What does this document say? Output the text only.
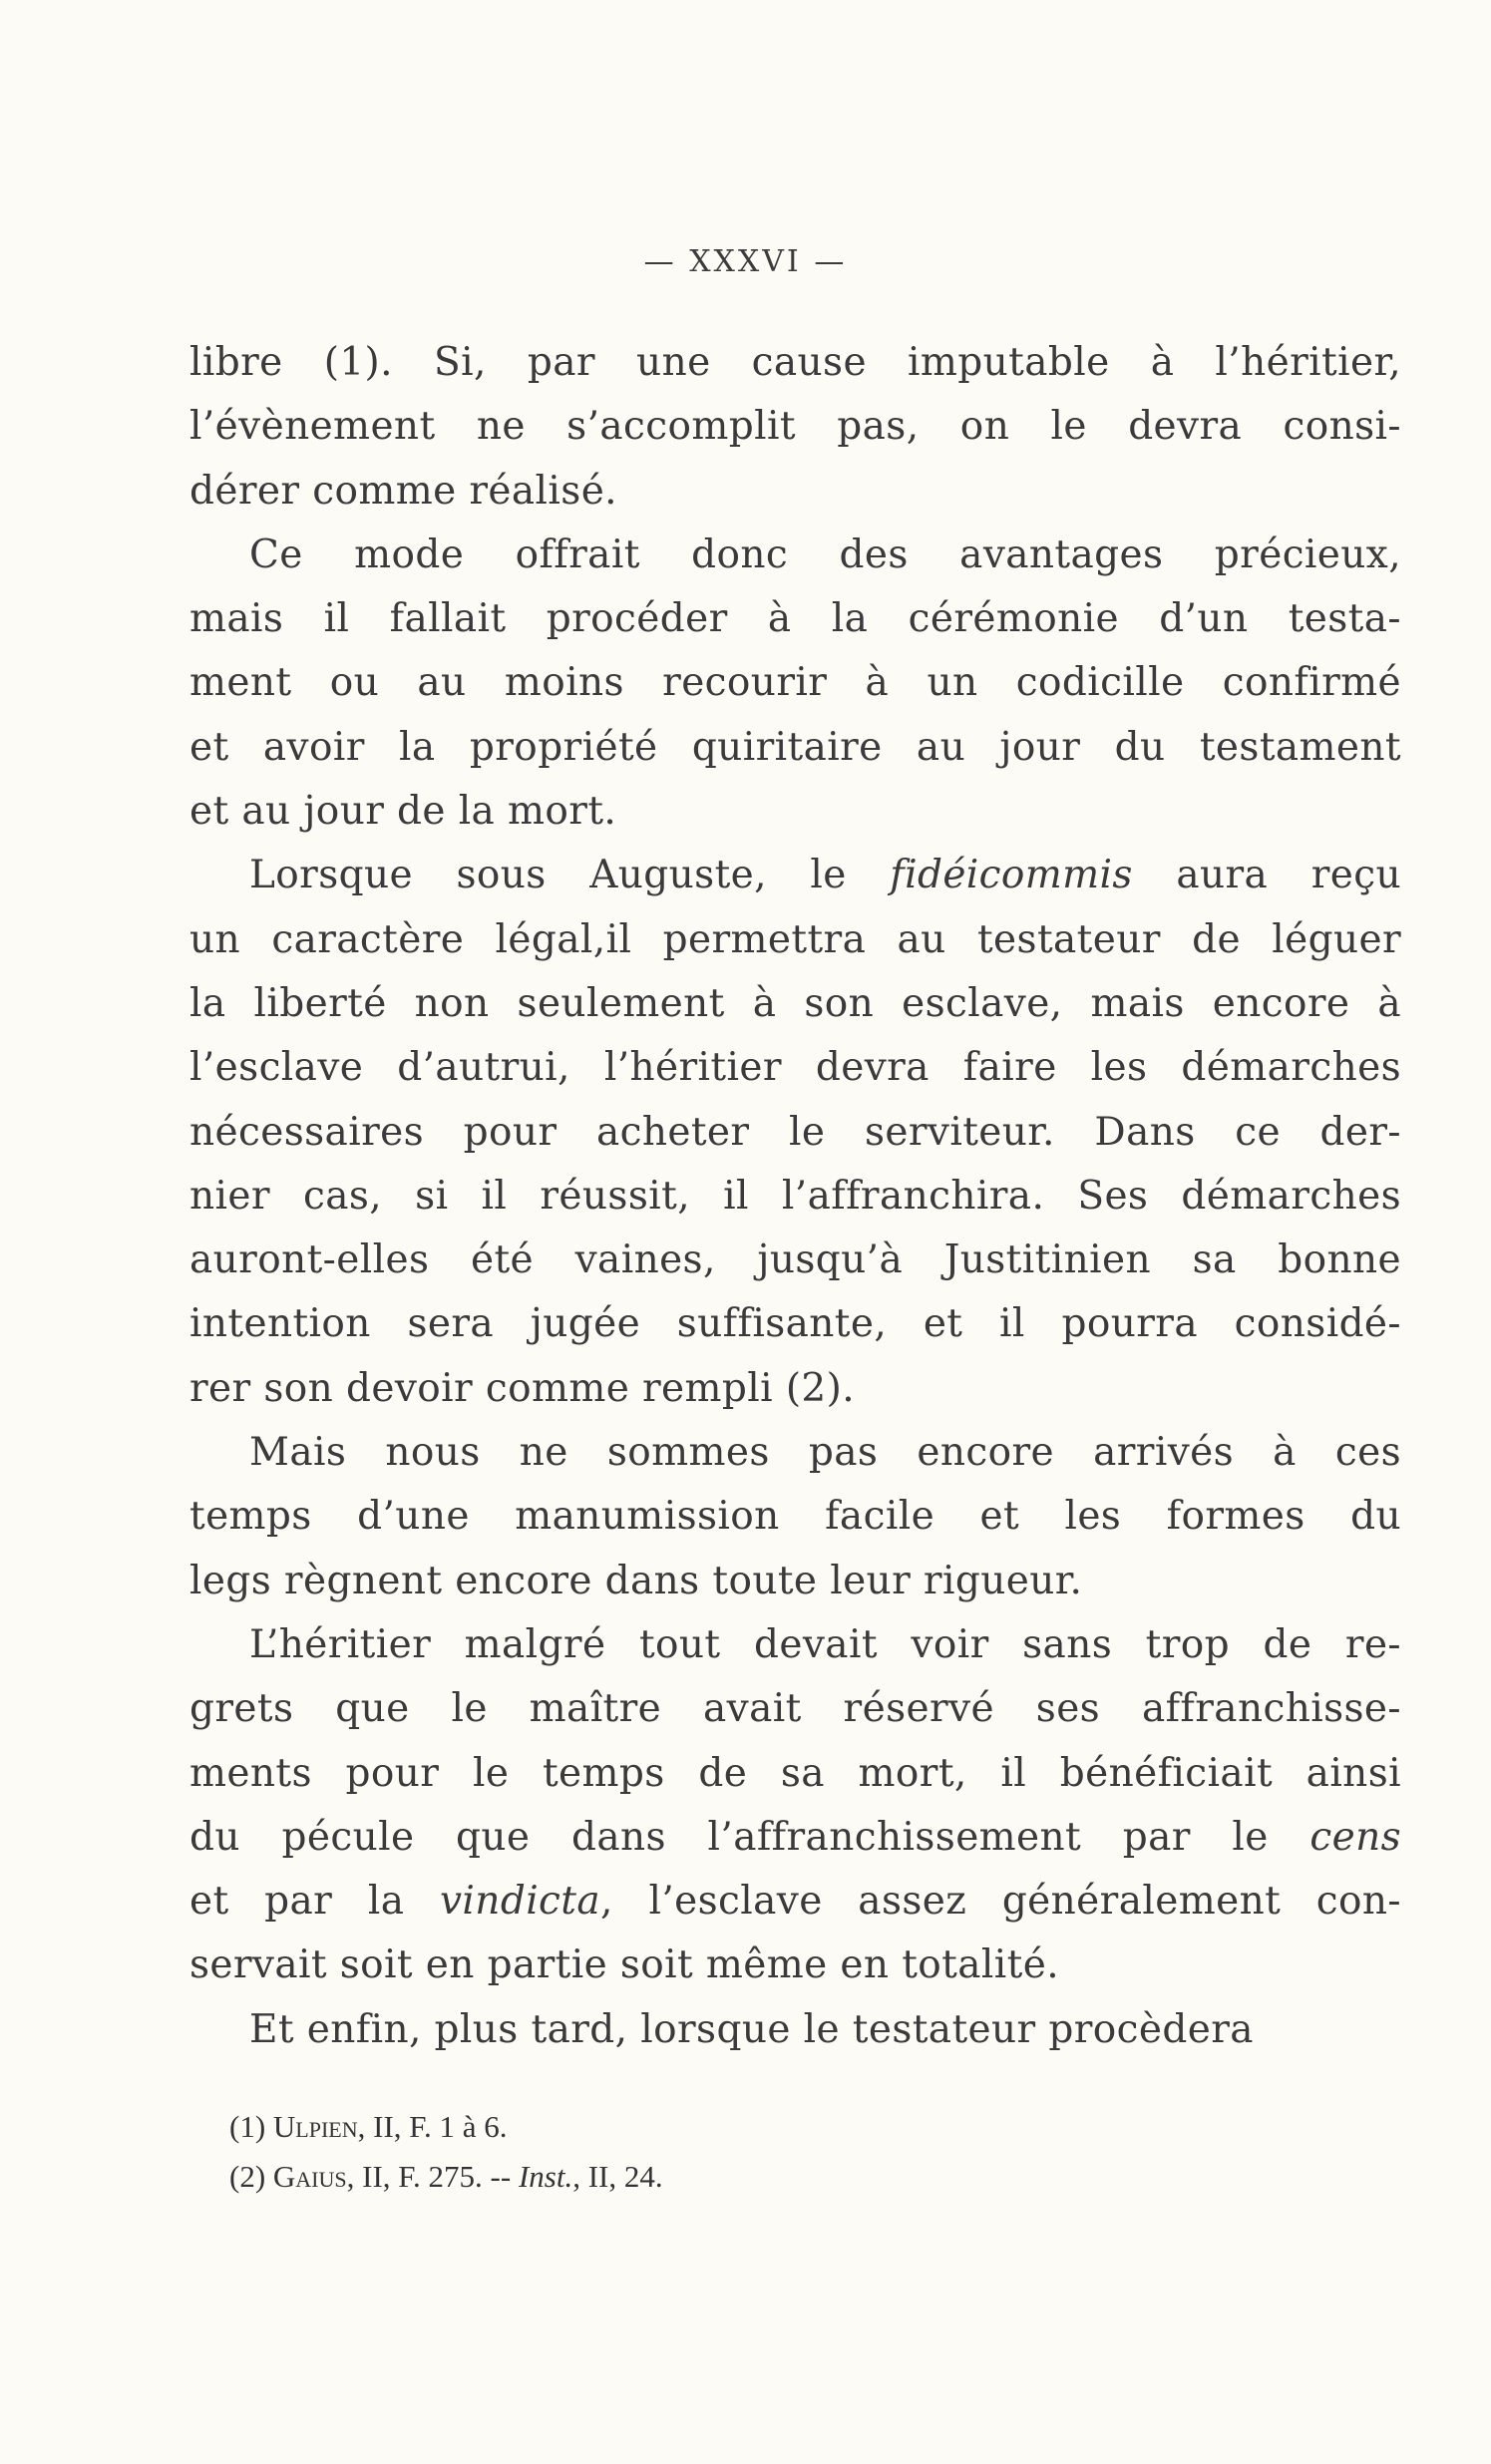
— XXXVI —
libre (1). Si, par une cause imputable à l’héritier,
l’évènement ne s’accomplit pas, on le devra consi-
dérer comme réalisé.
Ce mode offrait donc des avantages précieux,
mais il fallait procéder à la cérémonie d’un testa-
ment ou au moins recourir à un codicille confirmé
et avoir la propriété quiritaire au jour du testament
et au jour de la mort.
Lorsque sous Auguste, le fidéicommis aura reçu
un caractère légal,il permettra au testateur de léguer
la liberté non seulement à son esclave, mais encore à
l’esclave d’autrui, l’héritier devra faire les démarches
nécessaires pour acheter le serviteur. Dans ce der-
nier cas, si il réussit, il l’affranchira. Ses démarches
auront-elles été vaines, jusqu’à Justitinien sa bonne
intention sera jugée suffisante, et il pourra considé-
rer son devoir comme rempli (2).
Mais nous ne sommes pas encore arrivés à ces
temps d’une manumission facile et les formes du
legs règnent encore dans toute leur rigueur.
L’héritier malgré tout devait voir sans trop de re-
grets que le maître avait réservé ses affranchisse-
ments pour le temps de sa mort, il bénéficiait ainsi
du pécule que dans l’affranchissement par le cens
et par la vindicta, l’esclave assez généralement con-
servait soit en partie soit même en totalité.
Et enfin, plus tard, lorsque le testateur procèdera
(1) Ulpien, II, F. 1 à 6.
(2) Gaius, II, F. 275. -- Inst., II, 24.
